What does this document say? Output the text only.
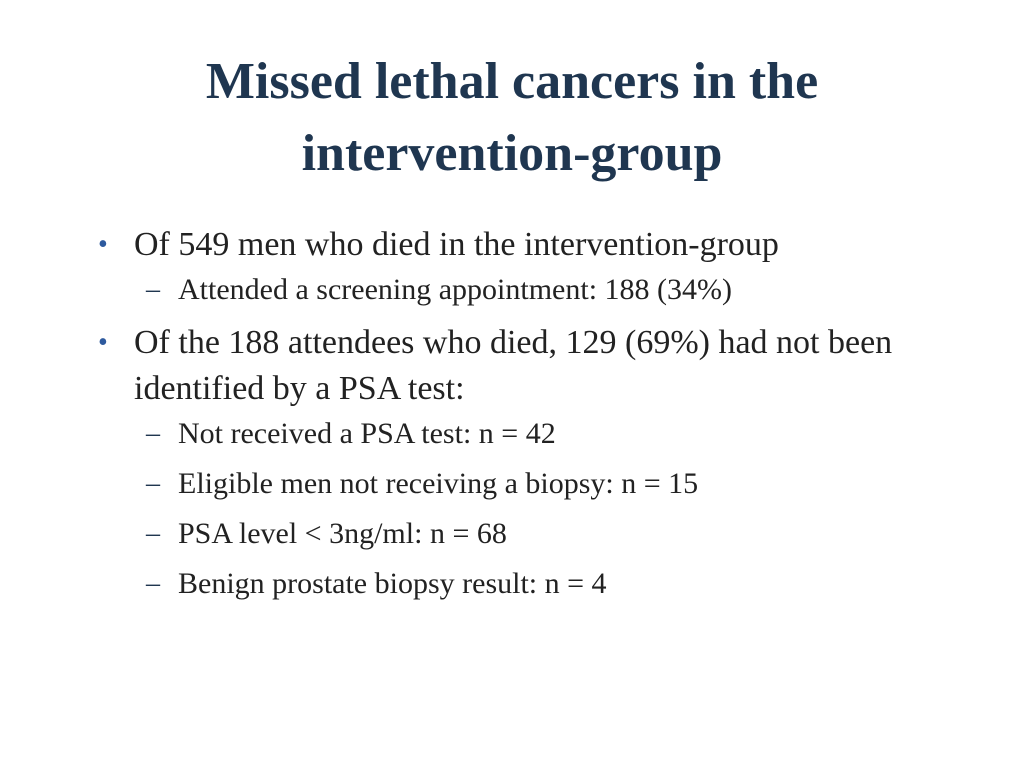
Missed lethal cancers in the
intervention-group
• Of 549 men who died in the intervention-group
– Attended a screening appointment: 188 (34%)
• Of the 188 attendees who died, 129 (69%) had not been identified by a PSA test:
– Not received a PSA test: n = 42
– Eligible men not receiving a biopsy: n = 15
– PSA level < 3ng/ml: n = 68
– Benign prostate biopsy result: n = 4
